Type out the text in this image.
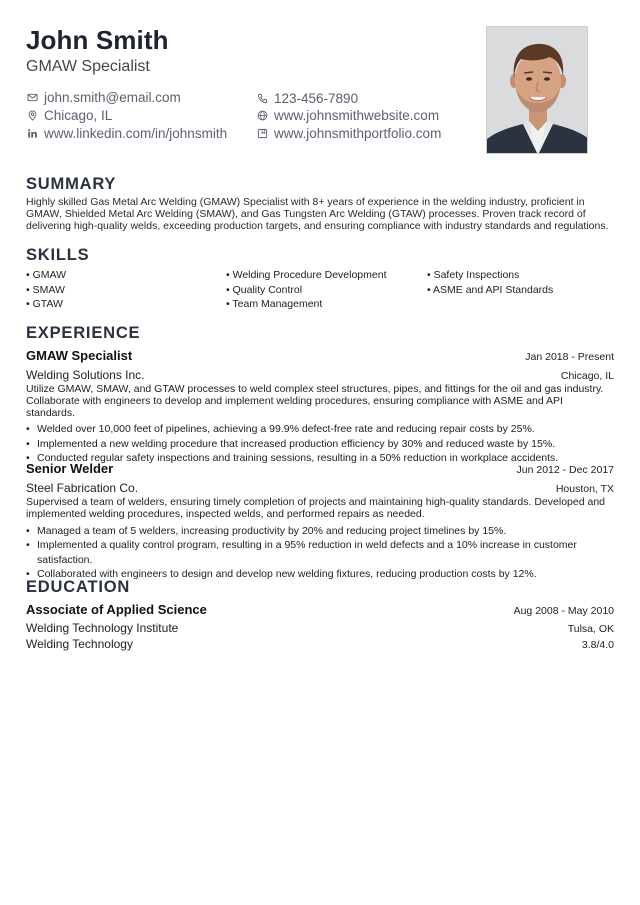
John Smith
GMAW Specialist
john.smith@email.com	123-456-7890
Chicago, IL	www.johnsmithwebsite.com
www.linkedin.com/in/johnsmith	www.johnsmithportfolio.com
SUMMARY
Highly skilled Gas Metal Arc Welding (GMAW) Specialist with 8+ years of experience in the welding industry, proficient in GMAW, Shielded Metal Arc Welding (SMAW), and Gas Tungsten Arc Welding (GTAW) processes. Proven track record of delivering high-quality welds, exceeding production targets, and ensuring compliance with industry standards and regulations.
SKILLS
• GMAW
• SMAW
• GTAW
• Welding Procedure Development
• Quality Control
• Team Management
• Safety Inspections
• ASME and API Standards
EXPERIENCE
GMAW Specialist	Jan 2018 - Present
Welding Solutions Inc.	Chicago, IL
Utilize GMAW, SMAW, and GTAW processes to weld complex steel structures, pipes, and fittings for the oil and gas industry. Collaborate with engineers to develop and implement welding procedures, ensuring compliance with ASME and API standards.
• Welded over 10,000 feet of pipelines, achieving a 99.9% defect-free rate and reducing repair costs by 25%.
• Implemented a new welding procedure that increased production efficiency by 30% and reduced waste by 15%.
• Conducted regular safety inspections and training sessions, resulting in a 50% reduction in workplace accidents.
Senior Welder	Jun 2012 - Dec 2017
Steel Fabrication Co.	Houston, TX
Supervised a team of welders, ensuring timely completion of projects and maintaining high-quality standards. Developed and implemented welding procedures, inspected welds, and performed repairs as needed.
• Managed a team of 5 welders, increasing productivity by 20% and reducing project timelines by 15%.
• Implemented a quality control program, resulting in a 95% reduction in weld defects and a 10% increase in customer satisfaction.
• Collaborated with engineers to design and develop new welding fixtures, reducing production costs by 12%.
EDUCATION
Associate of Applied Science	Aug 2008 - May 2010
Welding Technology Institute	Tulsa, OK
Welding Technology	3.8/4.0
